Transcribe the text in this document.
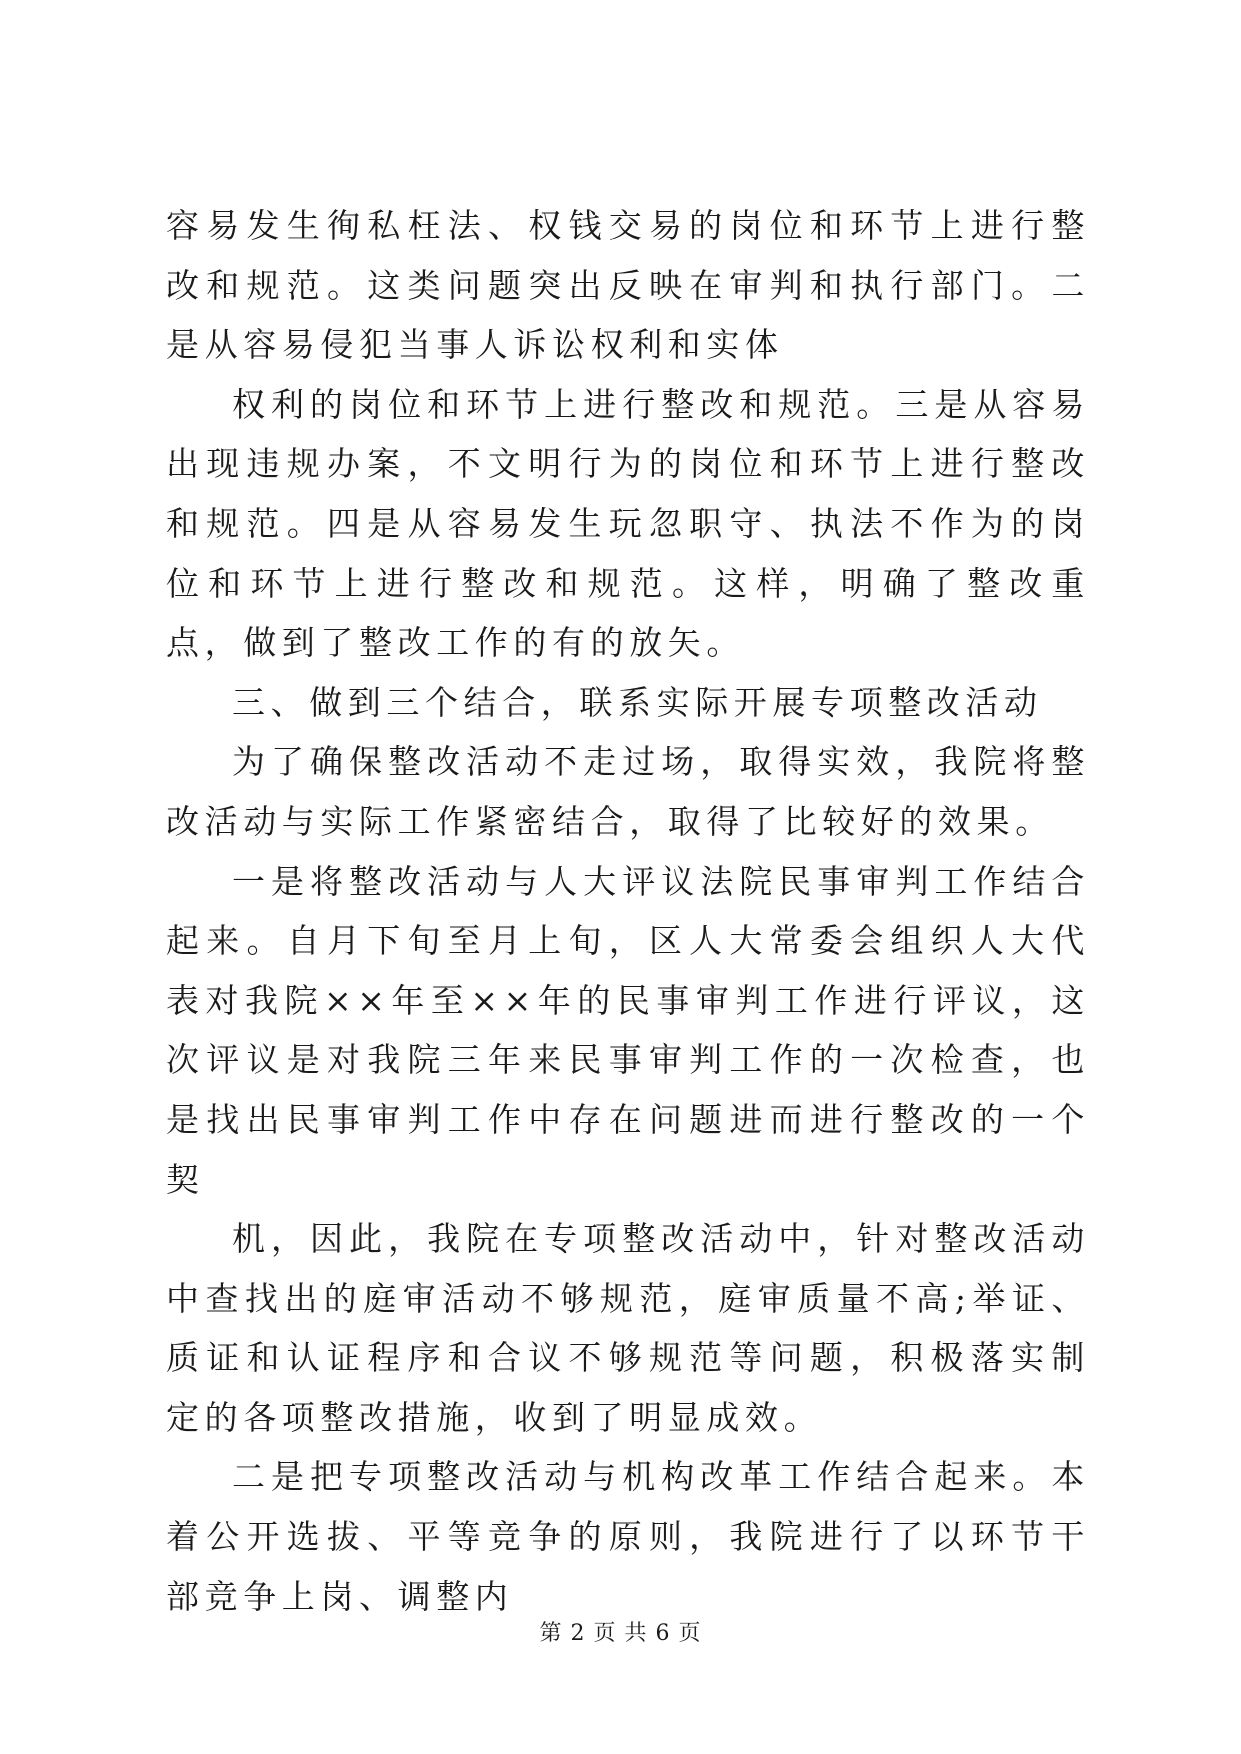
容易发生徇私枉法、权钱交易的岗位和环节上进行整改和规范。这类问题突出反映在审判和执行部门。二是从容易侵犯当事人诉讼权利和实体

权利的岗位和环节上进行整改和规范。三是从容易出现违规办案，不文明行为的岗位和环节上进行整改和规范。四是从容易发生玩忽职守、执法不作为的岗位和环节上进行整改和规范。这样，明确了整改重点，做到了整改工作的有的放矢。

三、做到三个结合，联系实际开展专项整改活动

为了确保整改活动不走过场，取得实效，我院将整改活动与实际工作紧密结合，取得了比较好的效果。

一是将整改活动与人大评议法院民事审判工作结合起来。自月下旬至月上旬，区人大常委会组织人大代表对我院××年至××年的民事审判工作进行评议，这次评议是对我院三年来民事审判工作的一次检查，也是找出民事审判工作中存在问题进而进行整改的一个契

机，因此，我院在专项整改活动中，针对整改活动中查找出的庭审活动不够规范，庭审质量不高;举证、质证和认证程序和合议不够规范等问题，积极落实制定的各项整改措施，收到了明显成效。

二是把专项整改活动与机构改革工作结合起来。本着公开选拔、平等竞争的原则，我院进行了以环节干部竞争上岗、调整内

第 2 页 共 6 页
